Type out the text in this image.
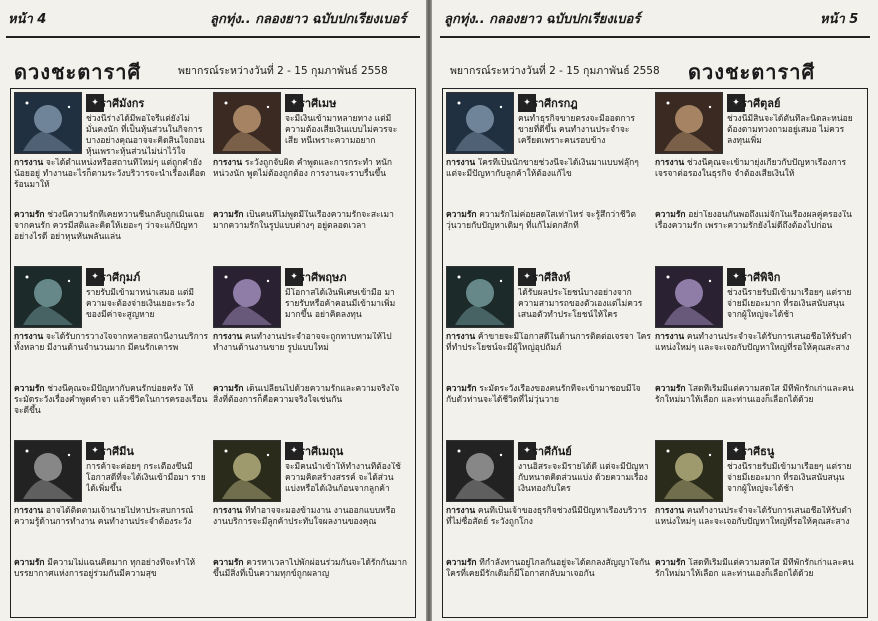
หน้า 4	ลูกทุ่ง.. กลองยาว ฉบับปกเรียงเบอร์
ดวงชะตาราศี	พยากรณ์ระหว่างวันที่ 2 - 15 กุมภาพันธ์ 2558
✦ ราศีมังกร
ช่วงนี้ร่างได้มีพอใจรีแต่ยังไม่มั่นคงนัก ที่เป็นหุ้นส่วนในกิจการบางอย่างคุณอาจจะคิดสินใจถอนหุ้นเพราะหุ้นส่วนไม่น่าไว้ใจ
การงาน จะได้ตำแหน่งหรือสถานที่ใหม่ๆ แต่ถูกค้ำยังน้อยอยู่ ทำงานอะไรก็ตามระวังบริวารจะนำเรื่องเดือดร้อนมาให้
ความรัก ช่วงนี้ความรักที่เคยหวานชื่นกลับถูกเมินเฉยจากคนรัก ควรมีสติและคิดให้เยอะๆ ว่าจะแก้ปัญหาอย่างไรดี อย่าหุนหันพลันแล่น
✦ ราศีเมษ
จะมีเงินเข้ามาหลายทาง แต่มีความต้องเสียเงินแบบไม่ควรจะเสีย หนีเพราะความอยาก
การงาน ระวังถูกจับผิด คำพูดและการกระทำ หนักหน่วงนัก พูดไม่ต้องถูกต้อง การงานจะราบรื่นขึ้น
ความรัก เป็นคนที่ไม่พูดมีในเรื่องความรักจะสะเมามากความรักในรูปแบบต่างๆ อยู่ตลอดเวลา
✦ ราศีกุมภ์
รายรับมีเข้ามาหน่าเสมอ แต่มีความจะต้องจ่ายเงินเยอะระวังของมีค่าจะสูญหาย
การงาน จะได้รับการวางใจจากหลายสถานีงานบริการทั้งหลาย มีงานด้านจำนวนมาก มีคนรักเคารพ
ความรัก ช่วงนี้คุณจะมีปัญหากับคนรักบ่อยครั้ง ให้ระมัดระวังเรื่องคำพูดคำจา แล้วชีวิตในการครองเรือนจะดีขึ้น
✦ ราศีพฤษภ
มีโอกาสได้เงินพิเศษเข้ามือ มารายรับหรือค้าคอนมีเข้ามาเพิ่มมากขึ้น อย่าคิดลงทุน
การงาน คนทำงานประจำอาจจะถูกทาบทามให้ไปทำงานด้านงานขาย รูปแบบใหม่
ความรัก เด็นเปลี่ยนไปด้วยความรักและความจริงใจ สิ่งที่ต้องการก็คือความจริงใจเช่นกัน
✦ ราศีมีน
การค้าจะค่อยๆ กระเตื้องขึ้นมีโอกาสดีที่จะได้เงินเข้ามือมา รายได้เพิ่มขึ้น
การงาน อาจได้ติดตามเจ้านายไปหาประสบการณ์ความรู้ด้านการทำงาน คนทำงานประจำต้องระวัง
ความรัก มีความไม่แฉนคิดมาก ทุกอย่างที่จะทำให้บรรยากาศแห่งการอยู่ร่วมกันมีความสุข
✦ ราศีเมถุน
จะมีคนนำเข้าให้ทำงานที่ต้องใช้ความคิดสร้างสรรค์ จะได้ส่วนแบ่งหรือได้เงินก้อนจากลูกค้า
การงาน ที่ทำอาจจะมองข้ามงาน งานออกแบบหรืองานบริการจะมีลูกค้าประทับใจผลงานของคุณ
ความรัก ควรหาเวลาไปพักผ่อนร่วมกันจะได้รักกันมากขึ้นมีสิ่งที่เป็นความทุกข์ถูกผลาญ
ลูกทุ่ง.. กลองยาว ฉบับปกเรียงเบอร์	หน้า 5
พยากรณ์ระหว่างวันที่ 2 - 15 กุมภาพันธ์ 2558 ดวงชะตาราศี
✦ ราศีกรกฎ
คนทำธุรกิจขายตรงจะมีออดการขายที่ดีขึ้น คนทำงานประจำจะเครียดเพราะคนรอบข้าง
การงาน ใครที่เป็นนักขายช่วงนี้จะได้เงินมาแบบฟลุ๊กๆ แต่จะมีปัญหากับลูกค้าให้ต้องแก้ไข
ความรัก ความรักไม่ค่อยสดใสเท่าไหร่ จะรู้สึกว่าชีวิตวุ่นวายกับปัญหาเดิมๆ ที่แก้ไม่ตกสักที
✦ ราศีตุลย์
ช่วงนี้มีสินจะได้ตันทีละนิดละหน่อย ต้องตามทวงถามอยู่เสมอ ไม่ควรลงทุนเพิ่ม
การงาน ช่วงนี้คุณจะเข้ามายุ่งเกี่ยวกับปัญหาเรื่องการเจรจาต่อรองในธุรกิจ จำต้องเสียเงินให้
ความรัก อย่าโยงอนกันพอถึงแม่จักในเรื่องผลคู่ครองในเรื่องความรัก เพราะความรักยังไม่ดีถึงต้องไปก่อน
✦ ราศีสิงห์
ได้รับผลประโยชน์บางอย่างจากความสามารถของตัวเองแต่ไม่ควรเสนอตัวทำประโยชน์ให้ใคร
การงาน ค้าขายจะมีโอกาสดีในด้านการติดต่อเจรจา ใครที่ทำประโยชน์จะมีผู้ใหญ่อุปถัมภ์
ความรัก ระมัดระวังเรื่องของคนรักที่จะเข้ามาชอบมีใจกับตัวท่านจะได้ชีวิตที่ไม่วุ่นวาย
✦ ราศีพิจิก
ช่วงนี้รายรับมีเข้ามาเรื่อยๆ แต่รายจ่ายมีเยอะมาก ที่รอเงินสนับสนุนจากผู้ใหญ่จะได้ช้า
การงาน คนทำงานประจำจะได้รับการเสนอชื่อให้รับตำแหน่งใหม่ๆ และจะเจอกับปัญหาใหญ่ที่รอให้คุณสะสาง
ความรัก โสดที่เริ่มมีแต่ความสดใส มีที่พักรักเก่าและคนรักใหม่มาให้เลือก และท่านเองก็เลือกได้ด้วย
✦ ราศีกันย์
งานอิสระจะมีรายได้ดี แต่จะมีปัญหากับหนาดคิดส่วนแบ่ง ด้วยความเรื่องเงินทองกับใคร
การงาน คนที่เป็นเจ้าของธุรกิจช่วงนี้มีปัญหาเรื่องบริวารที่ไม่ซื่อสัตย์ ระวังถูกโกง
ความรัก ที่กำลังทานอยู่ไกลกันอยู่จะได้ตกลงสัญญาใจกัน ใครที่เคยมีรักเดิมก็มีโอกาสกลับมาเจอกัน
✦ ราศีธนู
ช่วงนี้รายรับมีเข้ามาเรื่อยๆ แต่รายจ่ายมีเยอะมาก ที่รอเงินสนับสนุนจากผู้ใหญ่จะได้ช้า
การงาน คนทำงานประจำจะได้รับการเสนอชื่อให้รับตำแหน่งใหม่ๆ และจะเจอกับปัญหาใหญ่ที่รอให้คุณสะสาง
ความรัก โสดที่เริ่มมีแต่ความสดใส มีที่พักรักเก่าและคนรักใหม่มาให้เลือก และท่านเองก็เลือกได้ด้วย
